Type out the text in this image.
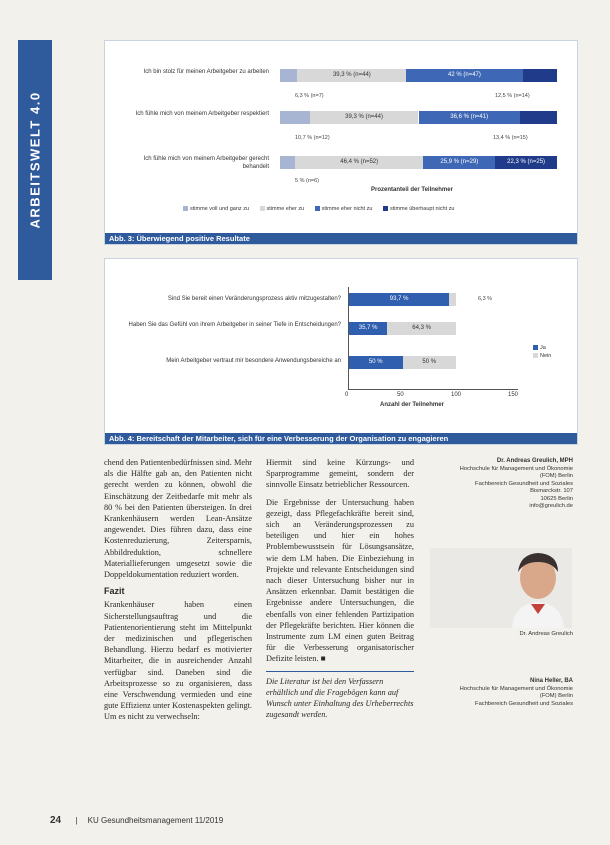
ARBEITSWELT 4.0
Ich bin stolz für meinen Arbeitgeber zu arbeiten
Ich fühle mich von meinem Arbeitgeber respektiert
Ich fühle mich von meinem Arbeitgeber gerecht behandelt
39,3 % (n=44)	42 % (n=47)
39,3 % (n=44)	36,6 % (n=41)
46,4 % (n=52)	25,9 % (n=29)	22,3 % (n=25)
6,3 % (n=7)	12,5 % (n=14)
10,7 % (n=12)	13,4 % (n=15)
5 % (n=6)
Prozentanteil der Teilnehmer
stimme voll und ganz zu	stimme eher zu	stimme eher nicht zu	stimme überhaupt nicht zu
Abb. 3: Überwiegend positive Resultate
Sind Sie bereit einen Veränderungsprozess aktiv mitzugestalten?
Haben Sie das Gefühl von ihrem Arbeitgeber in seiner Tiefe in Entscheidungen?
Mein Arbeitgeber vertraut mir besondere Anwendungsbereiche an
93,7 %	6,3 %
35,7 %	64,3 %
50 %	50 %
0	50	100	150
Anzahl der Teilnehmer
Ja
Nein
Abb. 4: Bereitschaft der Mitarbeiter, sich für eine Verbesserung der Organisation zu engagieren

chend den Patientenbedürfnissen sind. Mehr als die Hälfte gab an, den Patienten nicht gerecht werden zu können, obwohl die Einschätzung der Zeitbedarfe mit mehr als 80 % bei den Patienten übersteigen. In drei Krankenhäusern werden Lean-Ansätze angewendet. Dies führen dazu, dass eine Kostenreduzierung, Zeitersparnis, Abbildreduktion, schnellere Materiallieferungen umgesetzt sowie die Doppeldokumentation reduziert worden.

Fazit

Krankenhäuser haben einen Sicherstellungsauftrag und die Patientenorientierung steht im Mittelpunkt der medizinischen und pflegerischen Behandlung. Hierzu bedarf es motivierter Mitarbeiter, die in ausreichender Anzahl verfügbar sind. Daneben sind die Arbeitsprozesse so zu organisieren, dass eine Verschwendung vermieden und eine gute Effizienz unter Kostenaspekten gelingt. Um es nicht zu verwechseln:

Hiermit sind keine Kürzungs- und Sparprogramme gemeint, sondern der sinnvolle Einsatz betrieblicher Ressourcen.

Die Ergebnisse der Untersuchung haben gezeigt, dass Pflegefachkräfte bereit sind, sich an Veränderungsprozessen zu beteiligen und hier ein hohes Problembewusstsein für Lösungsansätze, wie dem LM haben. Die Einbeziehung in Projekte und relevante Entscheidungen sind nach dieser Untersuchung bisher nur in Ansätzen erkennbar. Damit bestätigen die Ergebnisse andere Untersuchungen, die ebenfalls von einer fehlenden Partizipation der Pflegekräfte berichten. Hier können die Instrumente zum LM einen guten Beitrag für die Verbesserung organisatorischer Defizite leisten. ■

Die Literatur ist bei den Verfassern erhältlich und die Fragebögen kann auf Wunsch unter Einhaltung des Urheberrechts zugesandt werden.

Dr. Andreas Greulich, MPH
Hochschule für Management und Ökonomie
(FOM) Berlin
Fachbereich Gesundheit und Soziales
Bismarckstr. 107
10625 Berlin
info@greulich.de
Dr. Andreas Greulich
Nina Heller, BA
Hochschule für Management und Ökonomie
(FOM) Berlin
Fachbereich Gesundheit und Soziales
24 | KU Gesundheitsmanagement 11/2019
